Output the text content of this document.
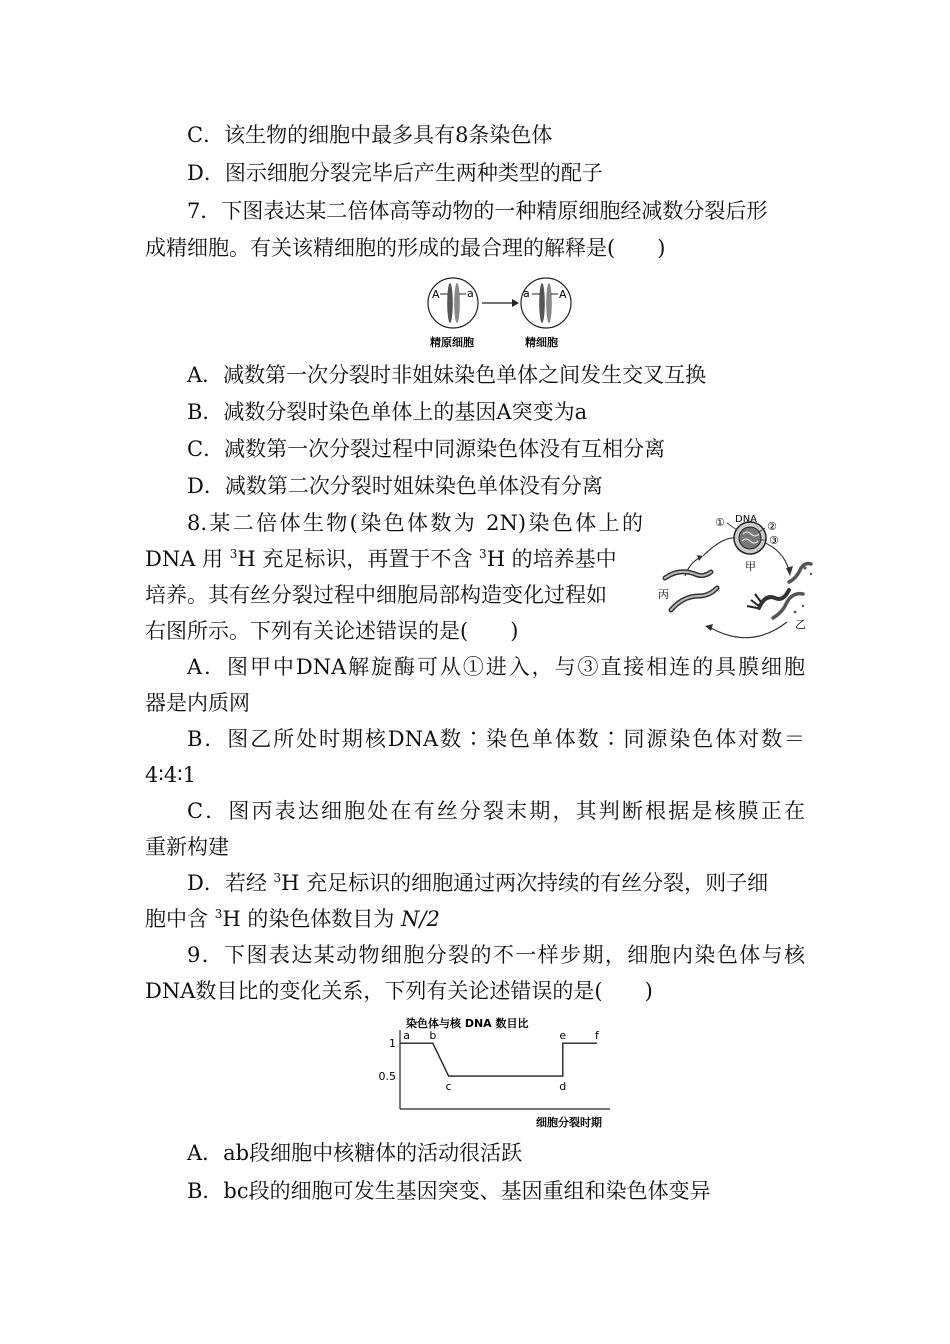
C．该生物的细胞中最多具有8条染色体
D．图示细胞分裂完毕后产生两种类型的配子
7．下图表达某二倍体高等动物的一种精原细胞经减数分裂后形
成精细胞。有关该精细胞的形成的最合理的解释是(　　)
A a	a	A
精原细胞	精细胞
A．减数第一次分裂时非姐妹染色单体之间发生交叉互换
B．减数分裂时染色单体上的基因A突变为a
C．减数第一次分裂过程中同源染色体没有互相分离
D．减数第二次分裂时姐妹染色单体没有分离
8.某二倍体生物(染色体数为 2N)染色体上的
DNA 用 $^3$H 充足标识，再置于不含 $^3$H 的培养基中
培养。其有丝分裂过程中细胞局部构造变化过程如
右图所示。下列有关论述错误的是(　　)
① DNA
②
③
甲
丙
乙
A．图甲中DNA解旋酶可从①进入，与③直接相连的具膜细胞
器是内质网
B．图乙所处时期核DNA数∶染色单体数∶同源染色体对数＝
4∶4∶1
C．图丙表达细胞处在有丝分裂末期，其判断根据是核膜正在
重新构建
D．若经 $^3$H 充足标识的细胞通过两次持续的有丝分裂，则子细
胞中含 $^3$H 的染色体数目为 N/2
9．下图表达某动物细胞分裂的不一样步期，细胞内染色体与核
DNA数目比的变化关系，下列有关论述错误的是(　　)
染色体与核 DNA 数目比
细胞分裂时期
1
0.5
a b
c	d
e	f
A．ab段细胞中核糖体的活动很活跃
B．bc段的细胞可发生基因突变、基因重组和染色体变异
